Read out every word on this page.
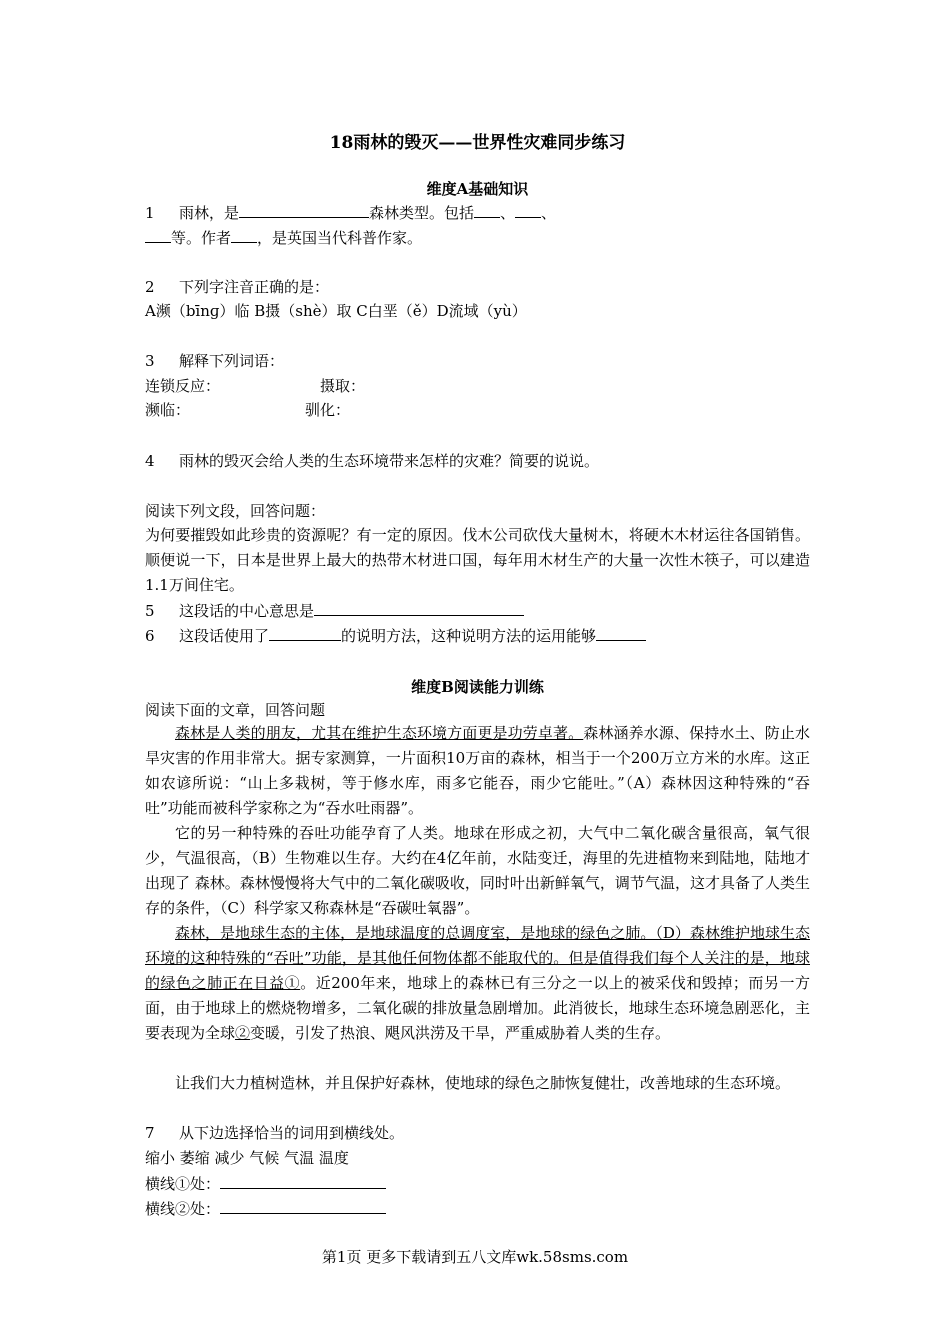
18雨林的毁灭——世界性灾难同步练习
维度A基础知识
1 雨林，是	森林类型。包括 、 、
等。作者 ，是英国当代科普作家。
2 下列字注音正确的是：
A濒（bīnɡ）临 B摄（shè）取 C白垩（ě）D流域（yù）
3 解释下列词语：
连锁反应：	摄取：
濒临：	驯化：
4 雨林的毁灭会给人类的生态环境带来怎样的灾难？简要的说说。
阅读下列文段，回答问题：
为何要摧毁如此珍贵的资源呢？有一定的原因。伐木公司砍伐大量树木，将硬木木材运往各国销售。顺便说一下，日本是世界上最大的热带木材进口国，每年用木材生产的大量一次性木筷子，可以建造1.1万间住宅。
5 这段话的中心意思是
6 这段话使用了	的说明方法，这种说明方法的运用能够
维度B阅读能力训练
阅读下面的文章，回答问题
森林是人类的朋友，尤其在维护生态环境方面更是功劳卓著。森林涵养水源、保持水土、防止水旱灾害的作用非常大。据专家测算，一片面积10万亩的森林，相当于一个200万立方米的水库。这正如农谚所说：“山上多栽树，等于修水库，雨多它能吞，雨少它能吐。”（A）森林因这种特殊的“吞吐”功能而被科学家称之为“吞水吐雨器”。
它的另一种特殊的吞吐功能孕育了人类。地球在形成之初，大气中二氧化碳含量很高，氧气很少，气温很高，（B）生物难以生存。大约在4亿年前，水陆变迁，海里的先进植物来到陆地，陆地才出现了 森林。森林慢慢将大气中的二氧化碳吸收，同时叶出新鲜氧气，调节气温，这才具备了人类生存的条件，（C）科学家又称森林是“吞碳吐氧器”。
森林，是地球生态的主体，是地球温度的总调度室，是地球的绿色之肺。（D）森林维护地球生态环境的这种特殊的“吞吐”功能，是其他任何物体都不能取代的。但是值得我们每个人关注的是，地球的绿色之肺正在日益①。近200年来，地球上的森林已有三分之一以上的被采伐和毁掉；而另一方面，由于地球上的燃烧物增多，二氧化碳的排放量急剧增加。此消彼长，地球生态环境急剧恶化，主要表现为全球②变暖，引发了热浪、飓风洪涝及干旱，严重威胁着人类的生存。
让我们大力植树造林，并且保护好森林，使地球的绿色之肺恢复健壮，改善地球的生态环境。
7 从下边选择恰当的词用到横线处。
缩小 萎缩 减少 气候 气温 温度
横线①处：
横线②处：
第1页 更多下载请到五八文库wk.58sms.com
